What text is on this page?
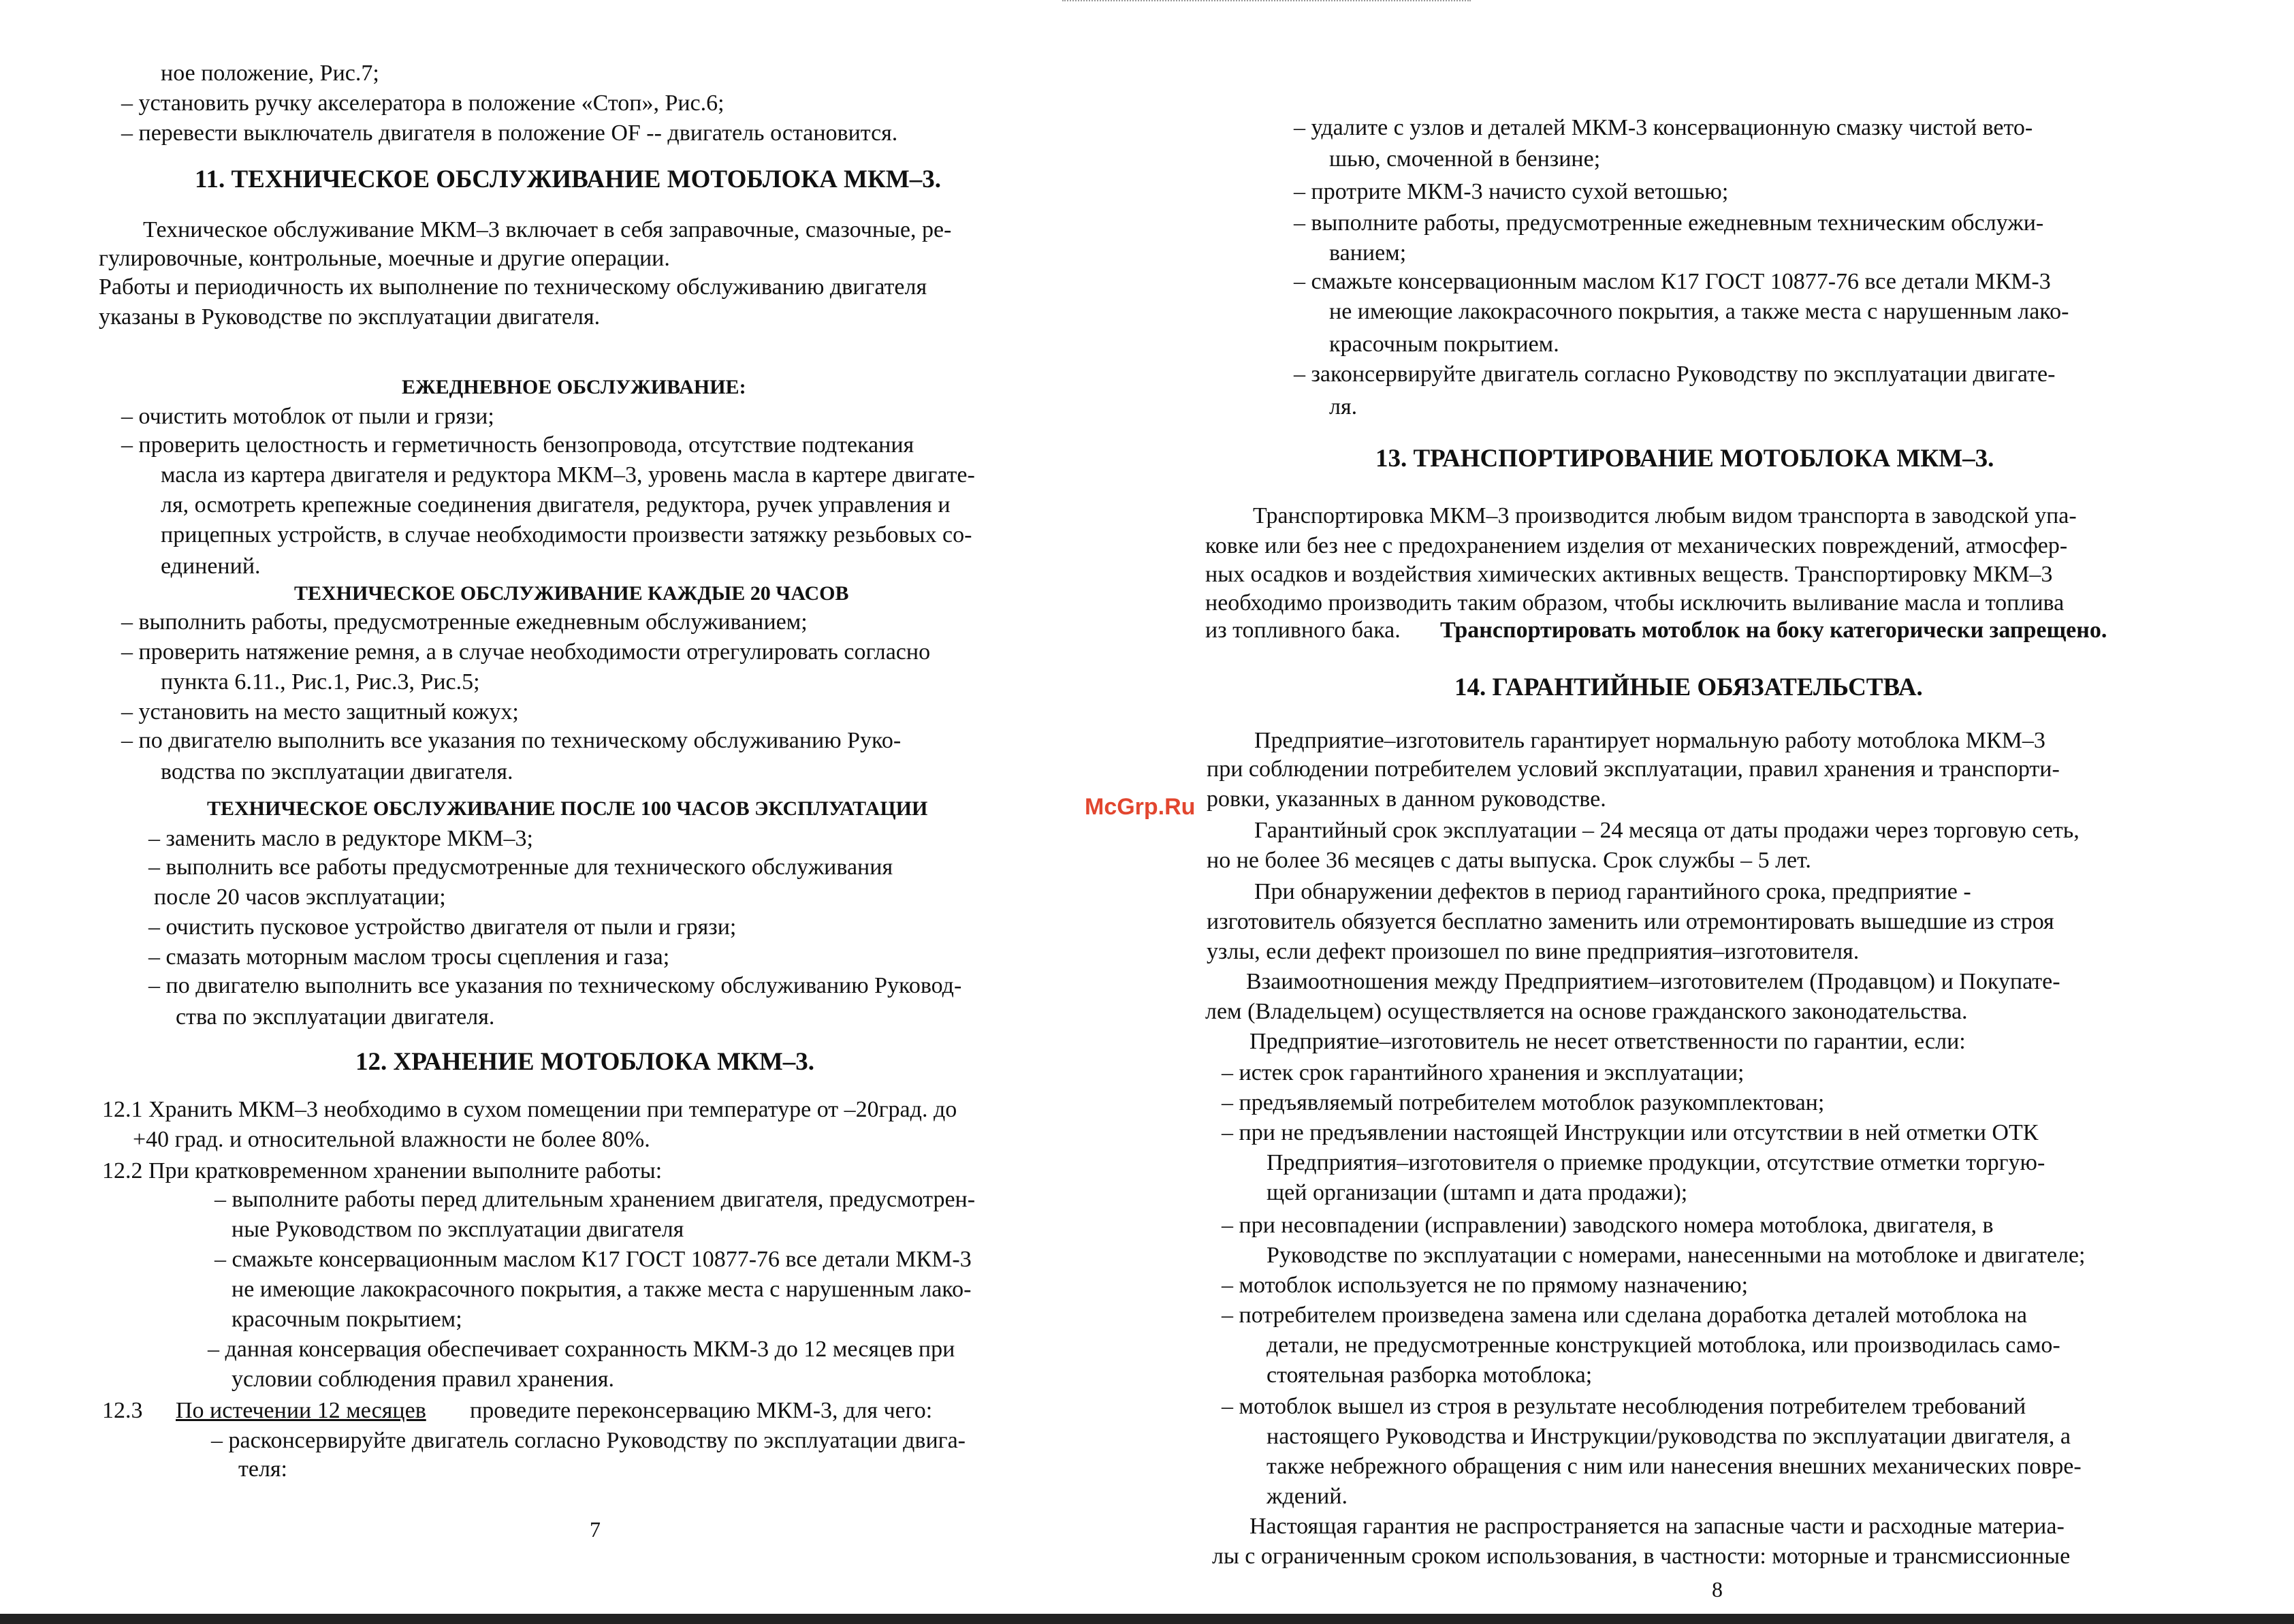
ное положение, Рис.7;
– установить ручку акселератора в положение «Стоп», Рис.6;
– перевести выключатель двигателя в положение OF -- двигатель остановится.
11. ТЕХНИЧЕСКОЕ ОБСЛУЖИВАНИЕ МОТОБЛОКА МКМ–3.
Техническое обслуживание МКМ–3 включает в себя заправочные, смазочные, ре-
гулировочные, контрольные, моечные и другие операции.
Работы и периодичность их выполнение по техническому обслуживанию двигателя
указаны в Руководстве по эксплуатации двигателя.
ЕЖЕДНЕВНОЕ ОБСЛУЖИВАНИЕ:
– очистить мотоблок от пыли и грязи;
– проверить целостность и герметичность бензопровода, отсутствие подтекания
масла из картера двигателя и редуктора МКМ–3, уровень масла в картере двигате-
ля, осмотреть крепежные соединения двигателя, редуктора, ручек управления и
прицепных устройств, в случае необходимости произвести затяжку резьбовых со-
единений.
ТЕХНИЧЕСКОЕ ОБСЛУЖИВАНИЕ КАЖДЫЕ 20 ЧАСОВ
– выполнить работы, предусмотренные ежедневным обслуживанием;
– проверить натяжение ремня, а в случае необходимости отрегулировать согласно
пункта 6.11., Рис.1, Рис.3, Рис.5;
– установить на место защитный кожух;
– по двигателю выполнить все указания по техническому обслуживанию Руко-
водства по эксплуатации двигателя.
ТЕХНИЧЕСКОЕ ОБСЛУЖИВАНИЕ ПОСЛЕ 100 ЧАСОВ ЭКСПЛУАТАЦИИ
– заменить масло в редукторе МКМ–3;
– выполнить все работы предусмотренные для технического обслуживания
после 20 часов эксплуатации;
– очистить пусковое устройство двигателя от пыли и грязи;
– смазать моторным маслом тросы сцепления и газа;
– по двигателю выполнить все указания по техническому обслуживанию Руковод-
ства по эксплуатации двигателя.
12. ХРАНЕНИЕ МОТОБЛОКА МКМ–3.
12.1 Хранить МКМ–3 необходимо в сухом помещении при температуре от –20град. до
+40 град. и относительной влажности не более 80%.
12.2 При кратковременном хранении выполните работы:
– выполните работы перед длительным хранением двигателя, предусмотрен-
ные Руководством по эксплуатации двигателя
– смажьте консервационным маслом К17 ГОСТ 10877-76 все детали МКМ-3
не имеющие лакокрасочного покрытия, а также места с нарушенным лако-
красочным покрытием;
– данная консервация обеспечивает сохранность МКМ-3 до 12 месяцев при
условии соблюдения правил хранения.
12.3 По истечении 12 месяцев проведите переконсервацию МКМ-3, для чего:
– расконсервируйте двигатель согласно Руководству по эксплуатации двига-
теля:
7
– удалите с узлов и деталей МКМ-3 консервационную смазку чистой вето-
шью, смоченной в бензине;
– протрите МКМ-3 начисто сухой ветошью;
– выполните работы, предусмотренные ежедневным техническим обслужи-
ванием;
– смажьте консервационным маслом К17 ГОСТ 10877-76 все детали МКМ-3
не имеющие лакокрасочного покрытия, а также места с нарушенным лако-
красочным покрытием.
– законсервируйте двигатель согласно Руководству по эксплуатации двигате-
ля.
13. ТРАНСПОРТИРОВАНИЕ МОТОБЛОКА МКМ–3.
Транспортировка МКМ–3 производится любым видом транспорта в заводской упа-
ковке или без нее с предохранением изделия от механических повреждений, атмосфер-
ных осадков и воздействия химических активных веществ. Транспортировку МКМ–3
необходимо производить таким образом, чтобы исключить выливание масла и топлива
из топливного бака. Транспортировать мотоблок на боку категорически запрещено.
14. ГАРАНТИЙНЫЕ ОБЯЗАТЕЛЬСТВА.
Предприятие–изготовитель гарантирует нормальную работу мотоблока МКМ–3
при соблюдении потребителем условий эксплуатации, правил хранения и транспорти-
ровки, указанных в данном руководстве.
Гарантийный срок эксплуатации – 24 месяца от даты продажи через торговую сеть,
но не более 36 месяцев с даты выпуска. Срок службы – 5 лет.
При обнаружении дефектов в период гарантийного срока, предприятие -
изготовитель обязуется бесплатно заменить или отремонтировать вышедшие из строя
узлы, если дефект произошел по вине предприятия–изготовителя.
Взаимоотношения между Предприятием–изготовителем (Продавцом) и Покупате-
лем (Владельцем) осуществляется на основе гражданского законодательства.
Предприятие–изготовитель не несет ответственности по гарантии, если:
– истек срок гарантийного хранения и эксплуатации;
– предъявляемый потребителем мотоблок разукомплектован;
– при не предъявлении настоящей Инструкции или отсутствии в ней отметки ОТК
Предприятия–изготовителя о приемке продукции, отсутствие отметки торгую-
щей организации (штамп и дата продажи);
– при несовпадении (исправлении) заводского номера мотоблока, двигателя, в
Руководстве по эксплуатации с номерами, нанесенными на мотоблоке и двигателе;
– мотоблок используется не по прямому назначению;
– потребителем произведена замена или сделана доработка деталей мотоблока на
детали, не предусмотренные конструкцией мотоблока, или производилась само-
стоятельная разборка мотоблока;
– мотоблок вышел из строя в результате несоблюдения потребителем требований
настоящего Руководства и Инструкции/руководства по эксплуатации двигателя, а
также небрежного обращения с ним или нанесения внешних механических повре-
ждений.
Настоящая гарантия не распространяется на запасные части и расходные материа-
лы с ограниченным сроком использования, в частности: моторные и трансмиссионные
8
McGrp.Ru
